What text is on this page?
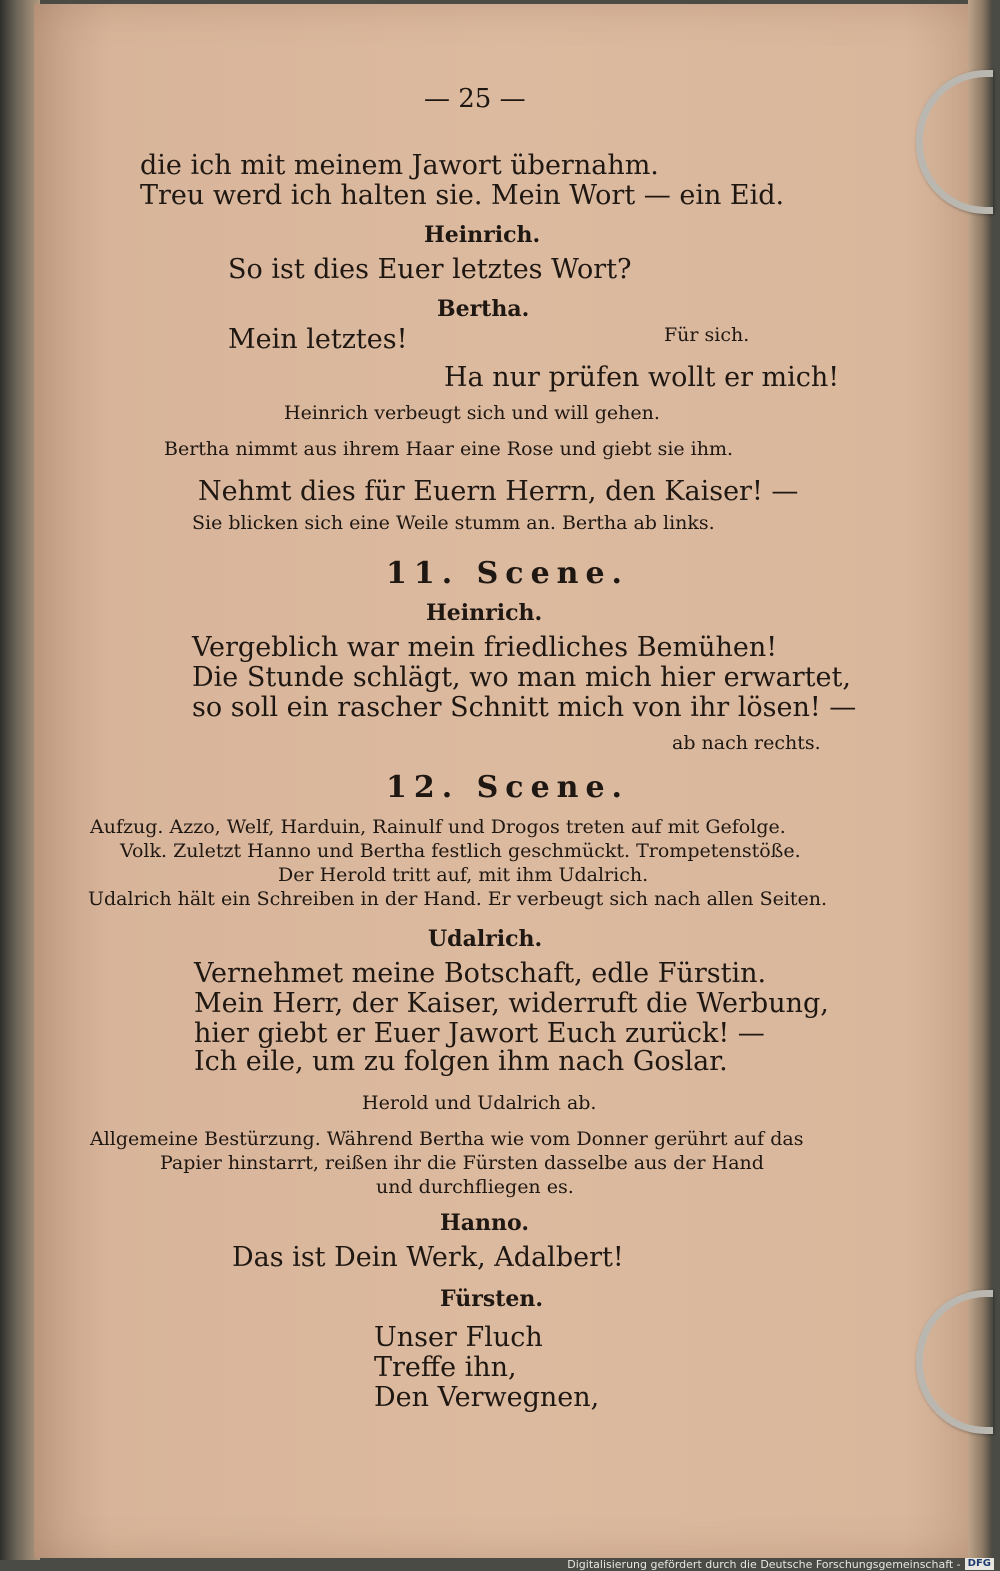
— 25 —
die ich mit meinem Jawort übernahm.
Treu werd ich halten sie. Mein Wort — ein Eid.
Heinrich.
So ist dies Euer letztes Wort?
Bertha.
Mein letztes!	Für sich.
Ha nur prüfen wollt er mich!
Heinrich verbeugt sich und will gehen.
Bertha nimmt aus ihrem Haar eine Rose und giebt sie ihm.
Nehmt dies für Euern Herrn, den Kaiser! —
Sie blicken sich eine Weile stumm an. Bertha ab links.
11. Scene.
Heinrich.
Vergeblich war mein friedliches Bemühen!
Die Stunde schlägt, wo man mich hier erwartet,
so soll ein rascher Schnitt mich von ihr lösen! —
ab nach rechts.
12. Scene.
Aufzug. Azzo, Welf, Harduin, Rainulf und Drogos treten auf mit Gefolge.
Volk. Zuletzt Hanno und Bertha festlich geschmückt. Trompetenstöße.
Der Herold tritt auf, mit ihm Udalrich.
Udalrich hält ein Schreiben in der Hand. Er verbeugt sich nach allen Seiten.
Udalrich.
Vernehmet meine Botschaft, edle Fürstin.
Mein Herr, der Kaiser, widerruft die Werbung,
hier giebt er Euer Jawort Euch zurück! —
Ich eile, um zu folgen ihm nach Goslar.
Herold und Udalrich ab.
Allgemeine Bestürzung. Während Bertha wie vom Donner gerührt auf das
Papier hinstarrt, reißen ihr die Fürsten dasselbe aus der Hand
und durchfliegen es.
Hanno.
Das ist Dein Werk, Adalbert!
Fürsten.
Unser Fluch
Treffe ihn,
Den Verwegnen,
Digitalisierung gefördert durch die Deutsche Forschungsgemeinschaft - DFG
